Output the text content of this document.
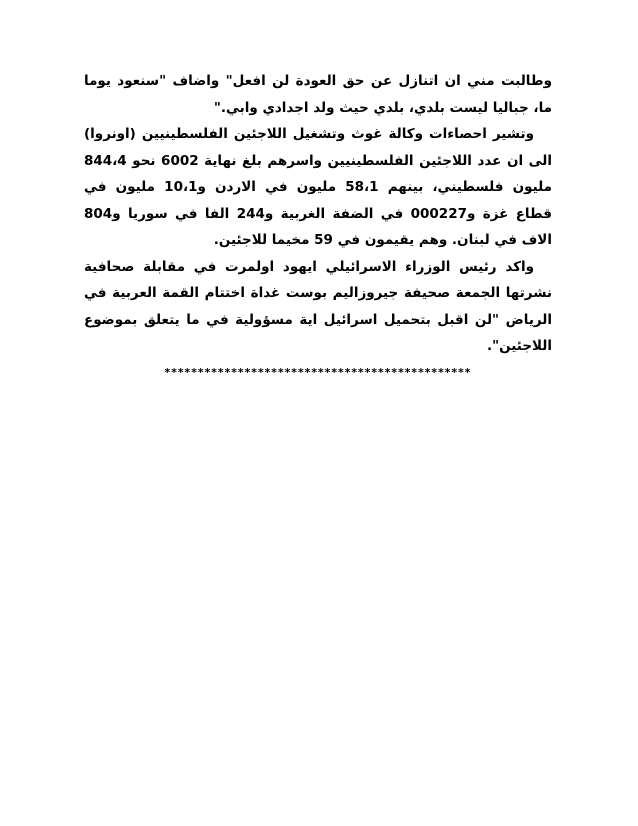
وطالبت مني ان اتنازل عن حق العودة لن افعل" واضاف "سنعود يوما ما، جباليا ليست بلدي، بلدي حيث ولد اجدادي وابي."

وتشير احصاءات وكالة غوث وتشغيل اللاجئين الفلسطينيين (اونروا) الى ان عدد اللاجئين الفلسطينيين واسرهم بلغ نهاية 6002 نحو 844،4 مليون فلسطيني، بينهم 58،1 مليون في الاردن و10،1 مليون في قطاع غزة و000227 في الضفة الغربية و244 الفا في سوريا و804 الاف في لبنان. وهم يقيمون في 59 مخيما للاجئين.

واكد رئيس الوزراء الاسرائيلي ايهود اولمرت في مقابلة صحافية نشرتها الجمعة صحيفة جيروزاليم بوست غداة اختتام القمة العربية في الرياض "لن اقبل بتحميل اسرائيل اية مسؤولية في ما يتعلق بموضوع اللاجئين".

**********************************************
